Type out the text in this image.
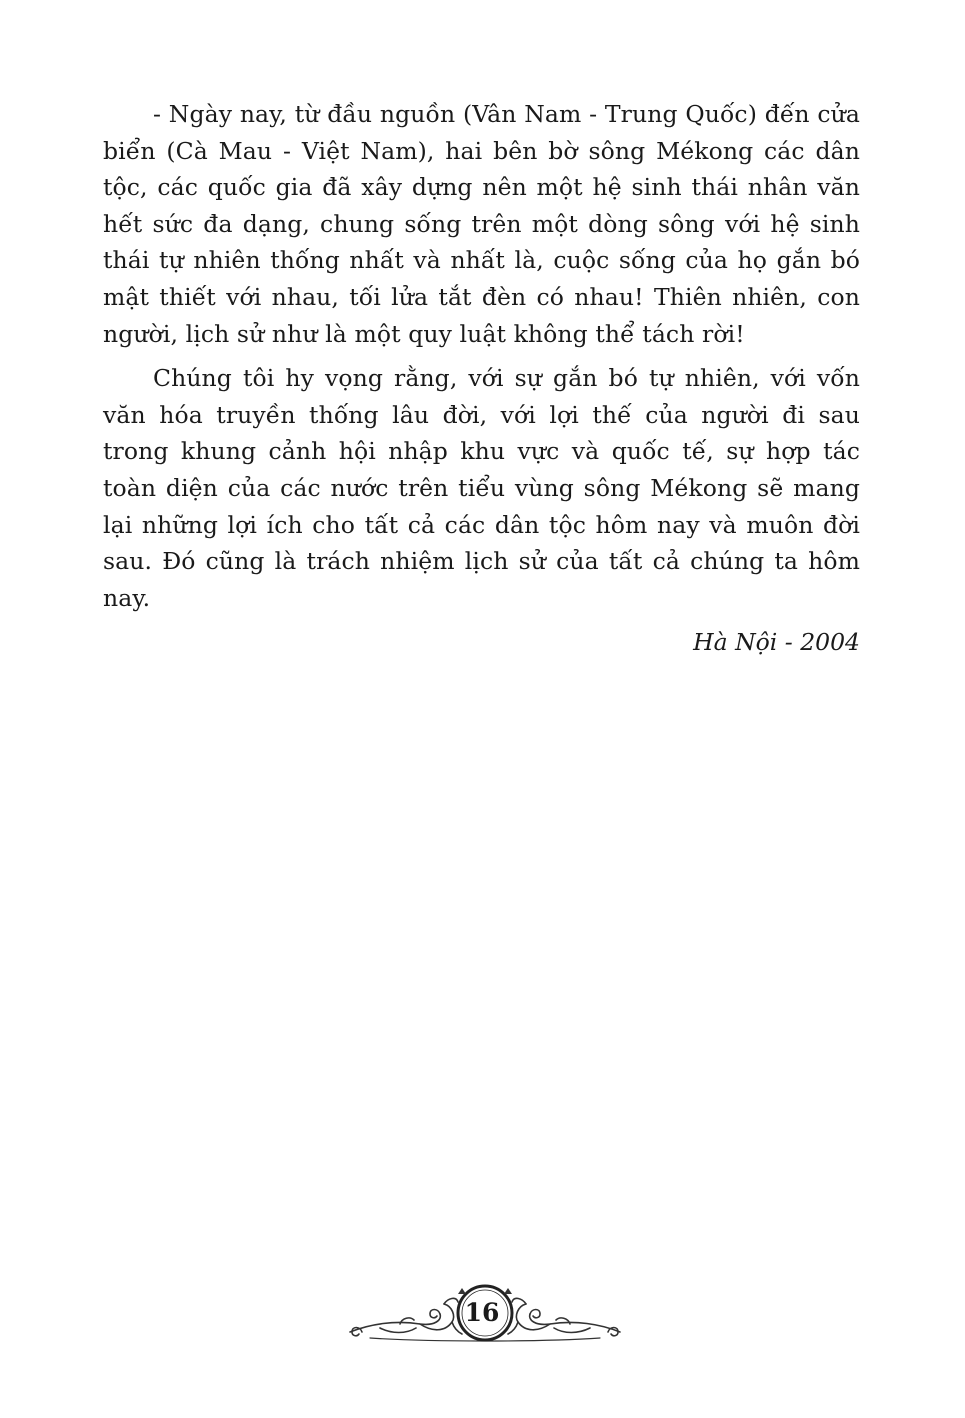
- Ngày nay, từ đầu nguồn (Vân Nam - Trung Quốc) đến cửa biển (Cà Mau - Việt Nam), hai bên bờ sông Mékong các dân tộc, các quốc gia đã xây dựng nên một hệ sinh thái nhân văn hết sức đa dạng, chung sống trên một dòng sông với hệ sinh thái tự nhiên thống nhất và nhất là, cuộc sống của họ gắn bó mật thiết với nhau, tối lửa tắt đèn có nhau! Thiên nhiên, con người, lịch sử như là một quy luật không thể tách rời!

Chúng tôi hy vọng rằng, với sự gắn bó tự nhiên, với vốn văn hóa truyền thống lâu đời, với lợi thế của người đi sau trong khung cảnh hội nhập khu vực và quốc tế, sự hợp tác toàn diện của các nước trên tiểu vùng sông Mékong sẽ mang lại những lợi ích cho tất cả các dân tộc hôm nay và muôn đời sau. Đó cũng là trách nhiệm lịch sử của tất cả chúng ta hôm nay.

Hà Nội - 2004
16
